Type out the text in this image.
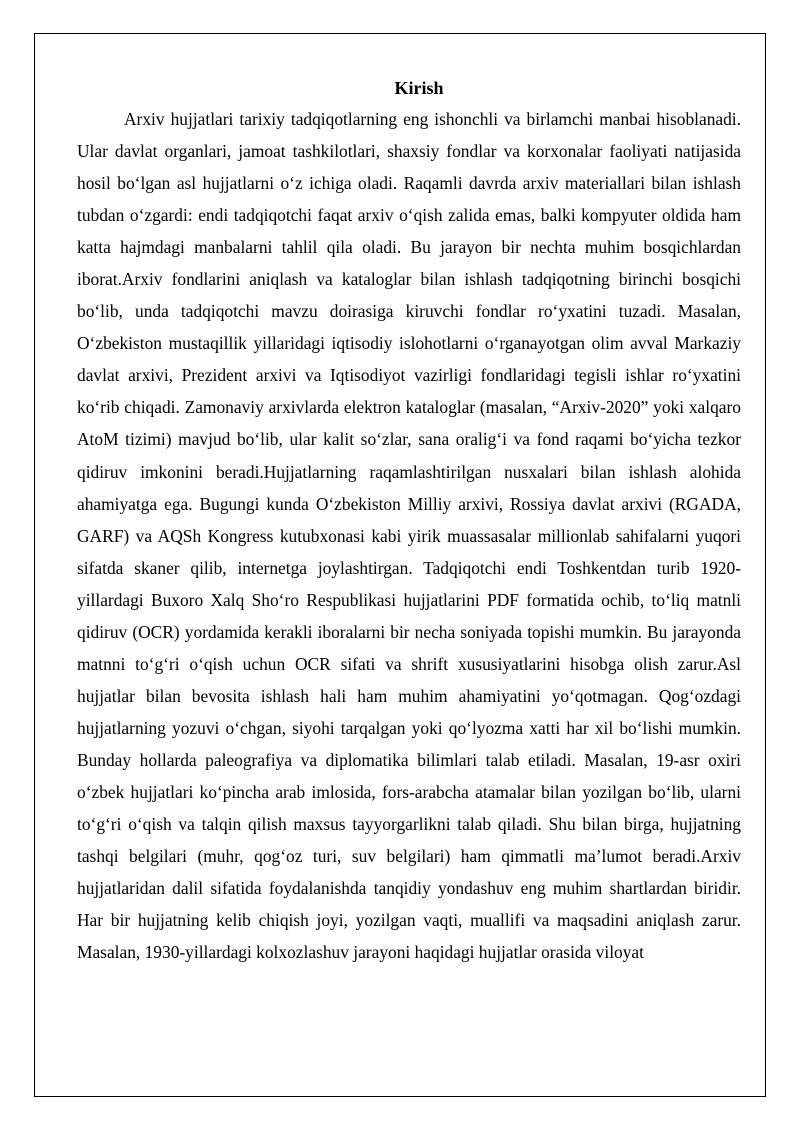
Kirish

Arxiv hujjatlari tarixiy tadqiqotlarning eng ishonchli va birlamchi manbai hisoblanadi. Ular davlat organlari, jamoat tashkilotlari, shaxsiy fondlar va korxonalar faoliyati natijasida hosil bo‘lgan asl hujjatlarni o‘z ichiga oladi. Raqamli davrda arxiv materiallari bilan ishlash tubdan o‘zgardi: endi tadqiqotchi faqat arxiv o‘qish zalida emas, balki kompyuter oldida ham katta hajmdagi manbalarni tahlil qila oladi. Bu jarayon bir nechta muhim bosqichlardan iborat.Arxiv fondlarini aniqlash va kataloglar bilan ishlash tadqiqotning birinchi bosqichi bo‘lib, unda tadqiqotchi mavzu doirasiga kiruvchi fondlar ro‘yxatini tuzadi. Masalan, O‘zbekiston mustaqillik yillaridagi iqtisodiy islohotlarni o‘rganayotgan olim avval Markaziy davlat arxivi, Prezident arxivi va Iqtisodiyot vazirligi fondlaridagi tegisli ishlar ro‘yxatini ko‘rib chiqadi. Zamonaviy arxivlarda elektron kataloglar (masalan, “Arxiv-2020” yoki xalqaro AtoM tizimi) mavjud bo‘lib, ular kalit so‘zlar, sana oralig‘i va fond raqami bo‘yicha tezkor qidiruv imkonini beradi.Hujjatlarning raqamlashtirilgan nusxalari bilan ishlash alohida ahamiyatga ega. Bugungi kunda O‘zbekiston Milliy arxivi, Rossiya davlat arxivi (RGADA, GARF) va AQSh Kongress kutubxonasi kabi yirik muassasalar millionlab sahifalarni yuqori sifatda skaner qilib, internetga joylashtirgan. Tadqiqotchi endi Toshkentdan turib 1920-yillardagi Buxoro Xalq Sho‘ro Respublikasi hujjatlarini PDF formatida ochib, to‘liq matnli qidiruv (OCR) yordamida kerakli iboralarni bir necha soniyada topishi mumkin. Bu jarayonda matnni to‘g‘ri o‘qish uchun OCR sifati va shrift xususiyatlarini hisobga olish zarur.Asl hujjatlar bilan bevosita ishlash hali ham muhim ahamiyatini yo‘qotmagan. Qog‘ozdagi hujjatlarning yozuvi o‘chgan, siyohi tarqalgan yoki qo‘lyozma xatti har xil bo‘lishi mumkin. Bunday hollarda paleografiya va diplomatika bilimlari talab etiladi. Masalan, 19-asr oxiri o‘zbek hujjatlari ko‘pincha arab imlosida, fors-arabcha atamalar bilan yozilgan bo‘lib, ularni to‘g‘ri o‘qish va talqin qilish maxsus tayyorgarlikni talab qiladi. Shu bilan birga, hujjatning tashqi belgilari (muhr, qog‘oz turi, suv belgilari) ham qimmatli ma’lumot beradi.Arxiv hujjatlaridan dalil sifatida foydalanishda tanqidiy yondashuv eng muhim shartlardan biridir. Har bir hujjatning kelib chiqish joyi, yozilgan vaqti, muallifi va maqsadini aniqlash zarur. Masalan, 1930-yillardagi kolxozlashuv jarayoni haqidagi hujjatlar orasida viloyat
